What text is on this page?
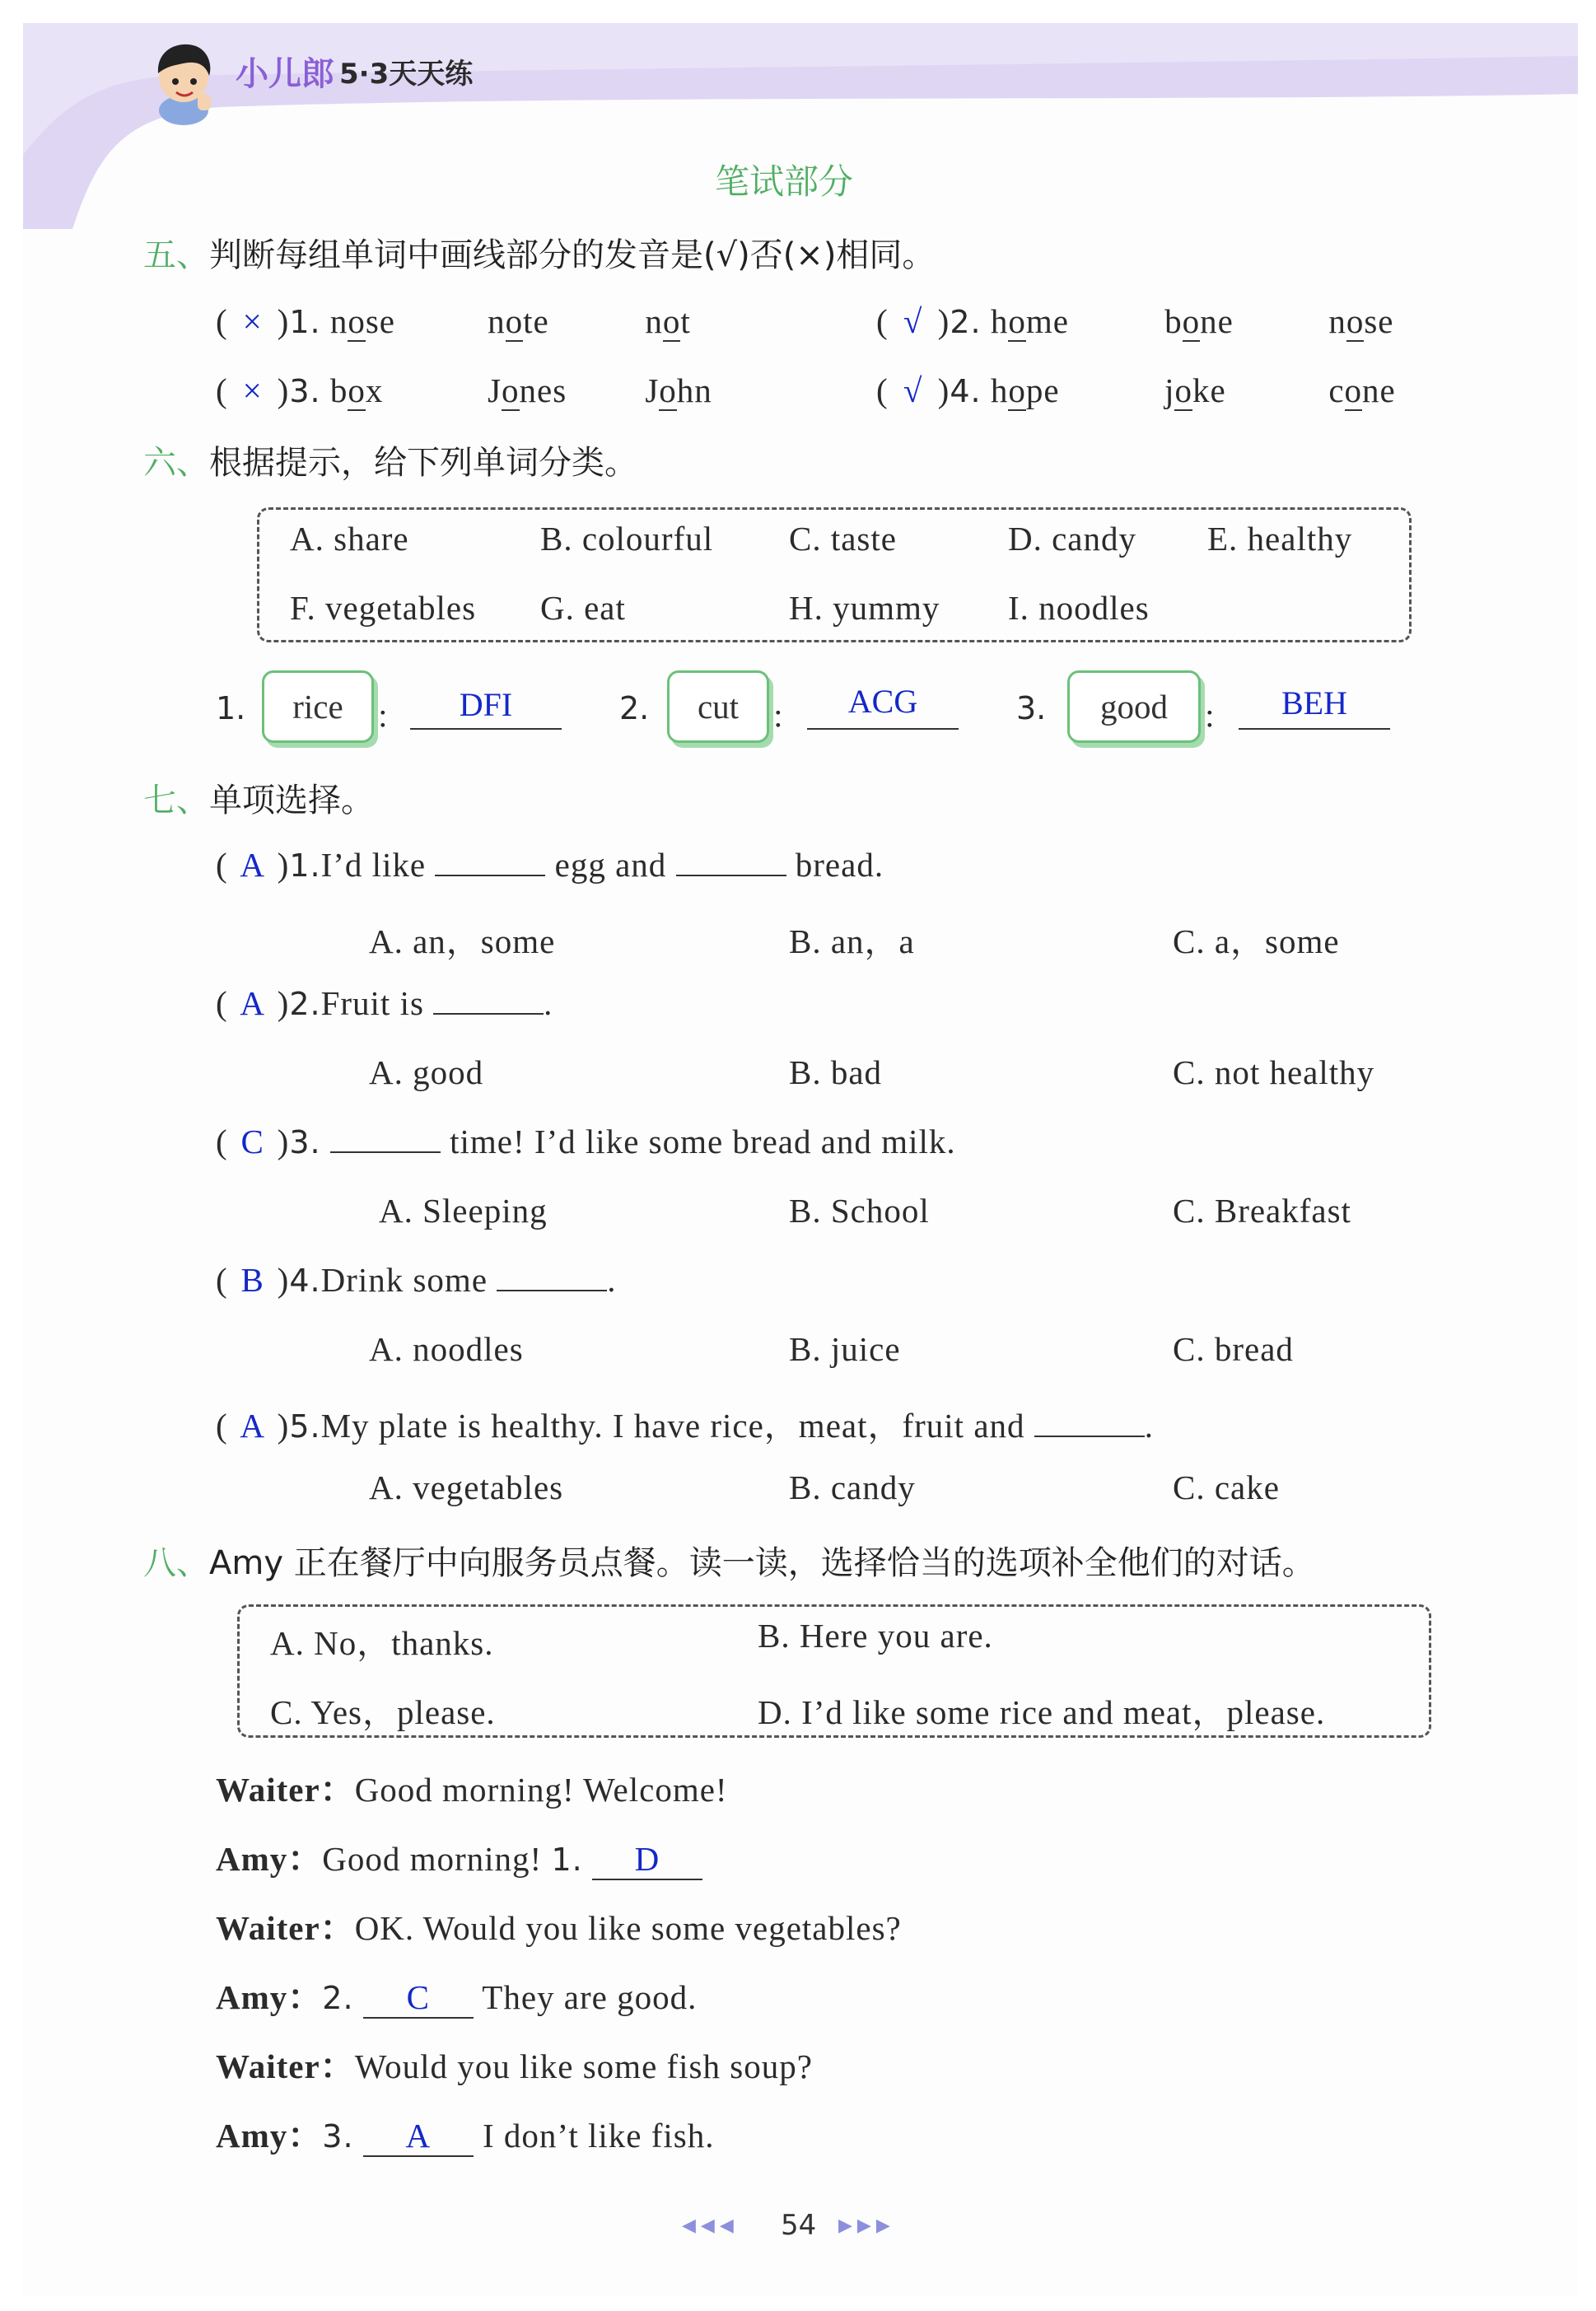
小儿郎 5·3天天练
笔试部分
五、判断每组单词中画线部分的发音是(√)否(×)相同。
( × )1. nose	note	not	( √ )2. home	bone	nose
( × )3. box	Jones John	( √ )4. hope	joke	cone
六、根据提示，给下列单词分类。
A. share	B. colourful C. taste	D. candy E. healthy
F. vegetables G. eat	H. yummy I. noodles
1.	rice	：	DFI	2.	cut	：	ACG	3.	good	：	BEH
七、单项选择。
( A )1.I’d like	egg and	bread.
A. an，some	B. an，a	C. a，some
( A )2.Fruit is	.
A. good	B. bad	C. not healthy
( C )3.	time! I’d like some bread and milk.
A. Sleeping	B. School	C. Breakfast
( B )4.Drink some	.
A. noodles	B. juice	C. bread
( A )5.My plate is healthy. I have rice，meat，fruit and	.
A. vegetables	B. candy	C. cake
八、Amy 正在餐厅中向服务员点餐。读一读，选择恰当的选项补全他们的对话。
A. No，thanks.	B. Here you are.
C. Yes，please.	D. I’d like some rice and meat，please.
Waiter：Good morning! Welcome!
Amy：Good morning! 1. D
Waiter：OK. Would you like some vegetables?
Amy：2. C They are good.
Waiter：Would you like some fish soup?
Amy：3. A I don’t like fish.
◀◀◀ 54 ▶▶▶
